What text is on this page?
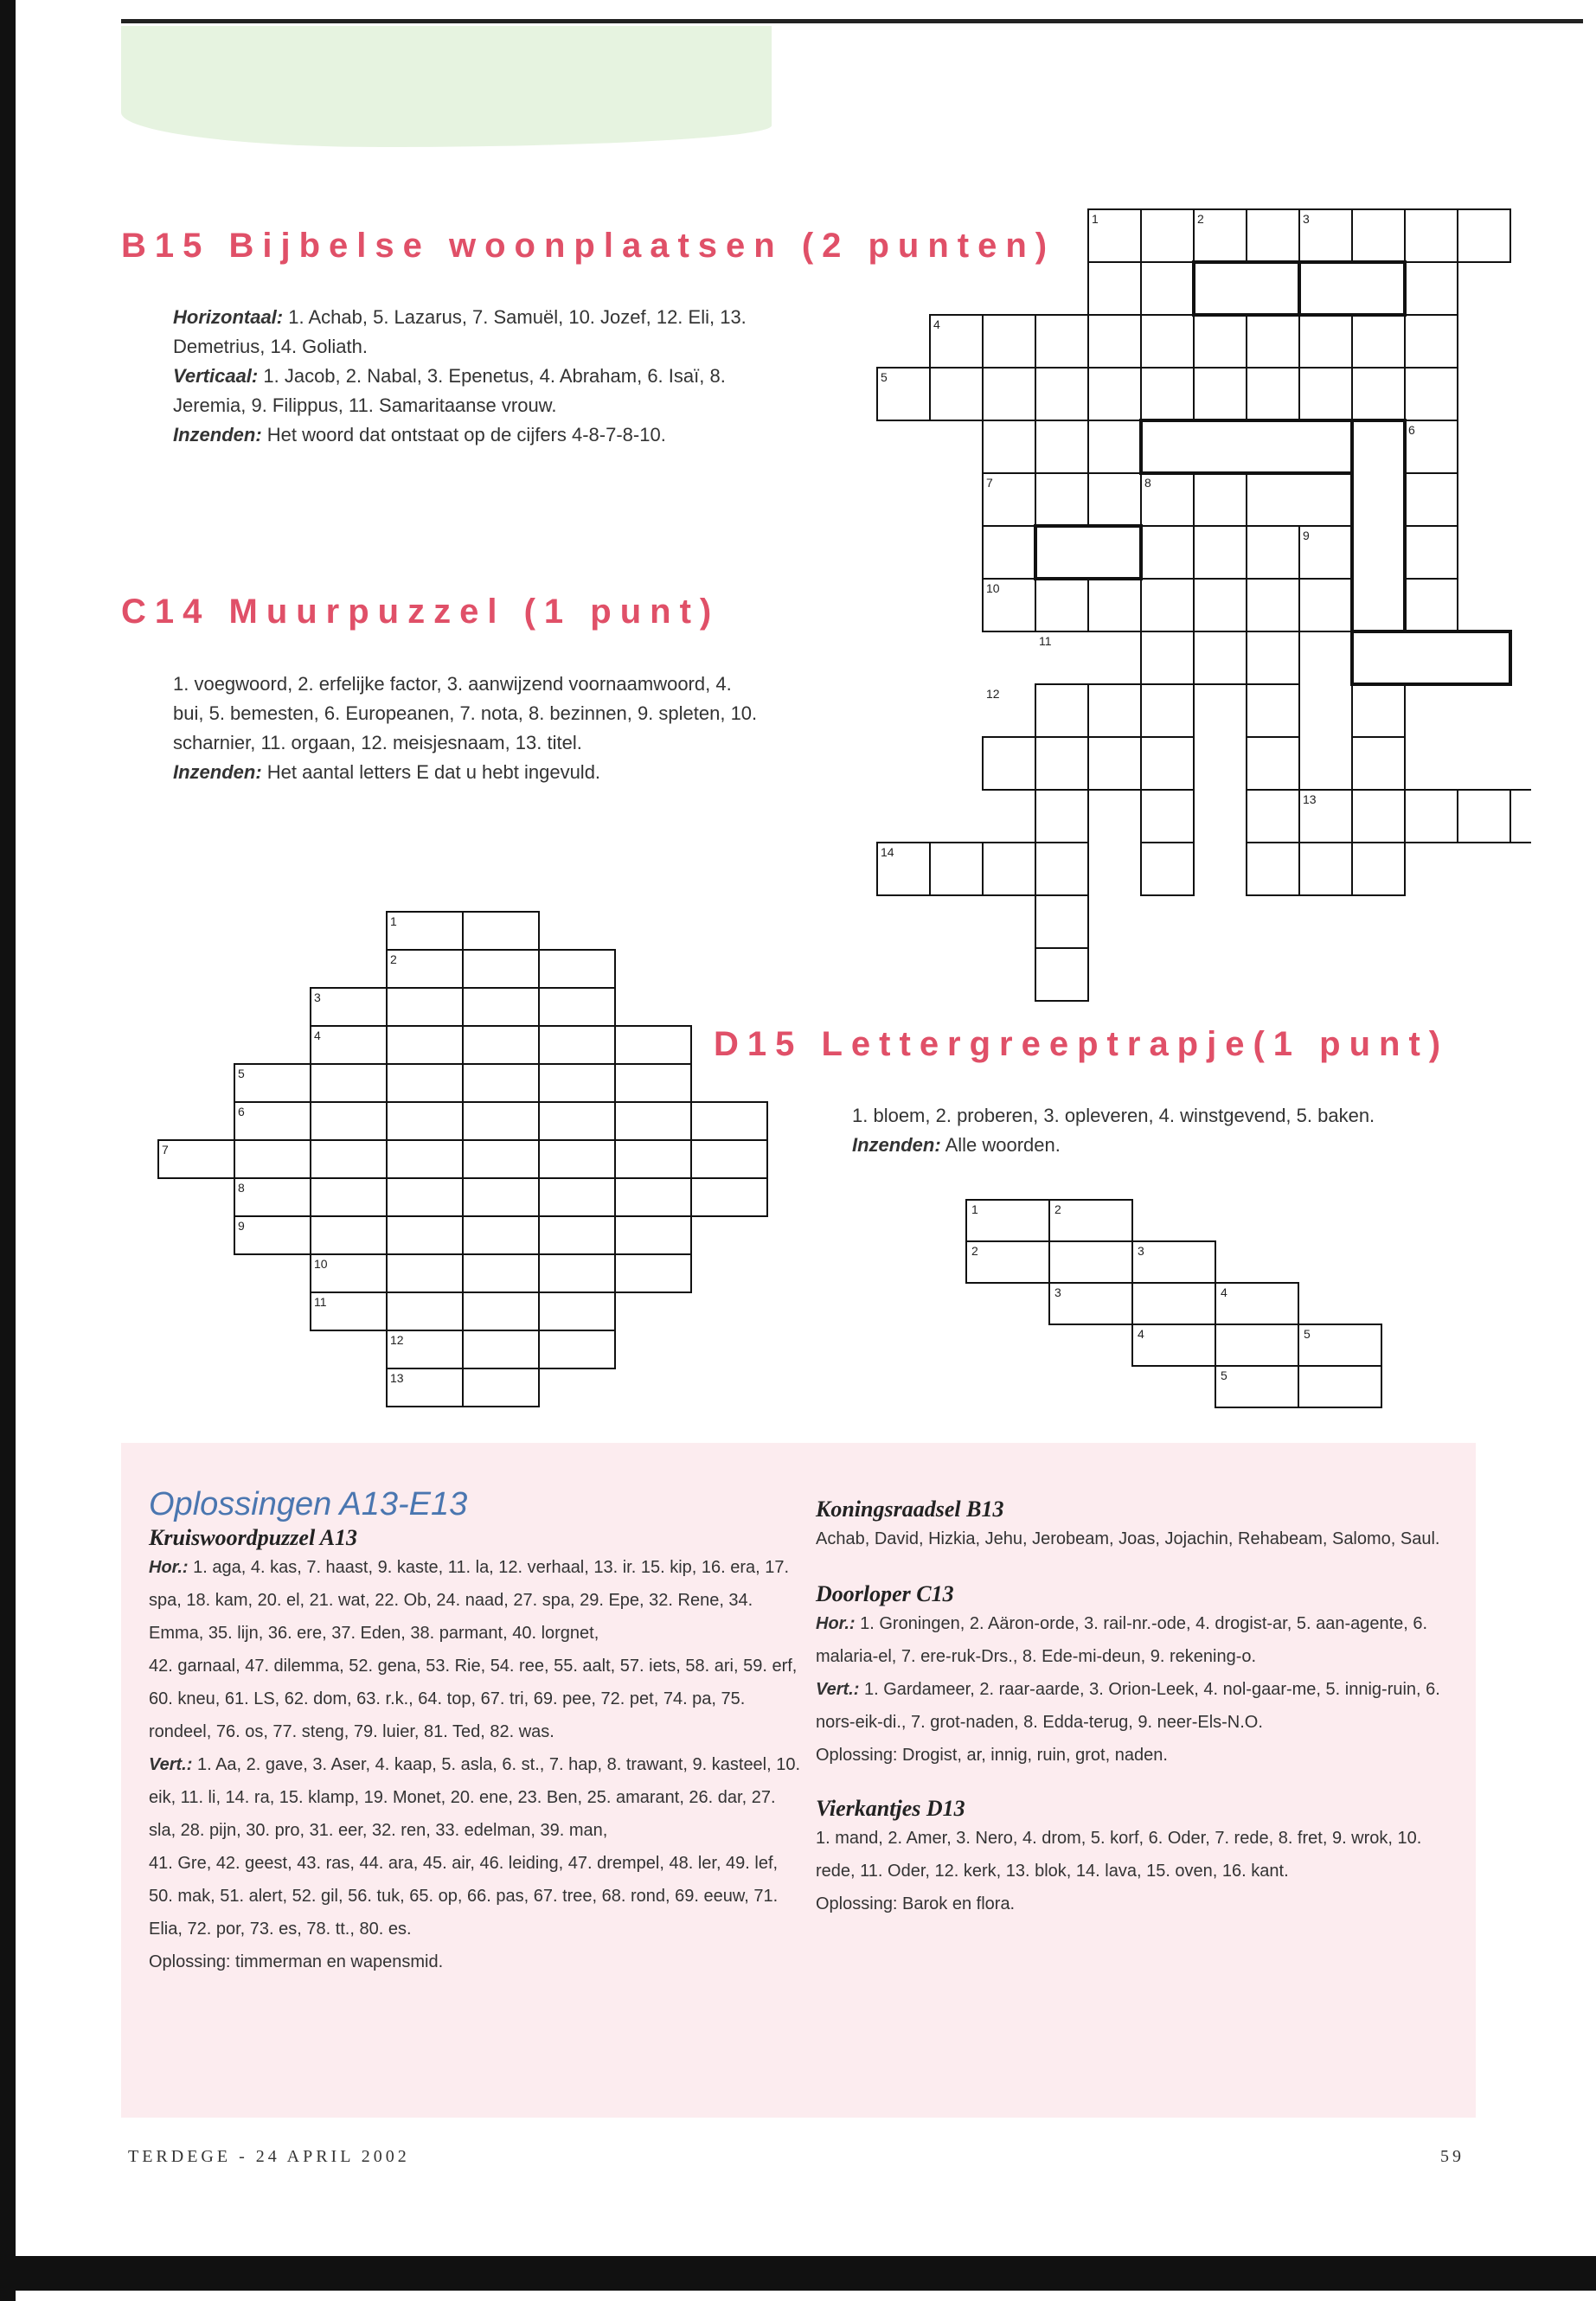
B15 Bijbelse woonplaatsen (2 punten)
Horizontaal: 1. Achab, 5. Lazarus, 7. Samuël, 10. Jozef, 12. Eli, 13. Demetrius, 14. Goliath.
Verticaal: 1. Jacob, 2. Nabal, 3. Epenetus, 4. Abraham, 6. Isaï, 8. Jeremia, 9. Filippus, 11. Samaritaanse vrouw.
Inzenden: Het woord dat ontstaat op de cijfers 4-8-7-8-10.
C14 Muurpuzzel (1 punt)
1. voegwoord, 2. erfelijke factor, 3. aanwijzend voornaamwoord, 4. bui, 5. bemesten, 6. Europeanen, 7. nota, 8. bezinnen, 9. spleten, 10. scharnier, 11. orgaan, 12. meisjesnaam, 13. titel.
Inzenden: Het aantal letters E dat u hebt ingevuld.
1	2	3
4
5
6
7	8
9
10
11
12
13
14
1
2
3
4
5
6
7
8
9
10
11
12
13
D15 Lettergreeptrapje(1 punt)
1. bloem, 2. proberen, 3. opleveren, 4. winstgevend, 5. baken.
Inzenden: Alle woorden.
1	2
2	3
3	4
4	5
5
Oplossingen A13-E13
Kruiswoordpuzzel A13
Hor.: 1. aga, 4. kas, 7. haast, 9. kaste, 11. la, 12. verhaal, 13. ir. 15. kip, 16. era, 17. spa, 18. kam, 20. el, 21. wat, 22. Ob, 24. naad, 27. spa, 29. Epe, 32. Rene, 34. Emma, 35. lijn, 36. ere, 37. Eden, 38. parmant, 40. lorgnet,
42. garnaal, 47. dilemma, 52. gena, 53. Rie, 54. ree, 55. aalt, 57. iets, 58. ari, 59. erf, 60. kneu, 61. LS, 62. dom, 63. r.k., 64. top, 67. tri, 69. pee, 72. pet, 74. pa, 75. rondeel, 76. os, 77. steng, 79. luier, 81. Ted, 82. was.
Vert.: 1. Aa, 2. gave, 3. Aser, 4. kaap, 5. asla, 6. st., 7. hap, 8. trawant, 9. kasteel, 10. eik, 11. li, 14. ra, 15. klamp, 19. Monet, 20. ene, 23. Ben, 25. amarant, 26. dar, 27. sla, 28. pijn, 30. pro, 31. eer, 32. ren, 33. edelman, 39. man,
41. Gre, 42. geest, 43. ras, 44. ara, 45. air, 46. leiding, 47. drempel, 48. ler, 49. lef, 50. mak, 51. alert, 52. gil, 56. tuk, 65. op, 66. pas, 67. tree, 68. rond, 69. eeuw, 71. Elia, 72. por, 73. es, 78. tt., 80. es.
Oplossing: timmerman en wapensmid.
Koningsraadsel B13
Achab, David, Hizkia, Jehu, Jerobeam, Joas, Jojachin, Rehabeam, Salomo, Saul.
Doorloper C13
Hor.: 1. Groningen, 2. Aäron-orde, 3. rail-nr.-ode, 4. drogist-ar, 5. aan-agente, 6. malaria-el, 7. ere-ruk-Drs., 8. Ede-mi-deun, 9. rekening-o.
Vert.: 1. Gardameer, 2. raar-aarde, 3. Orion-Leek, 4. nol-gaar-me, 5. innig-ruin, 6. nors-eik-di., 7. grot-naden, 8. Edda-terug, 9. neer-Els-N.O.
Oplossing: Drogist, ar, innig, ruin, grot, naden.
Vierkantjes D13
1. mand, 2. Amer, 3. Nero, 4. drom, 5. korf, 6. Oder, 7. rede, 8. fret, 9. wrok, 10. rede, 11. Oder, 12. kerk, 13. blok, 14. lava, 15. oven, 16. kant.
Oplossing: Barok en flora.
TERDEGE - 24 APRIL 2002	59
